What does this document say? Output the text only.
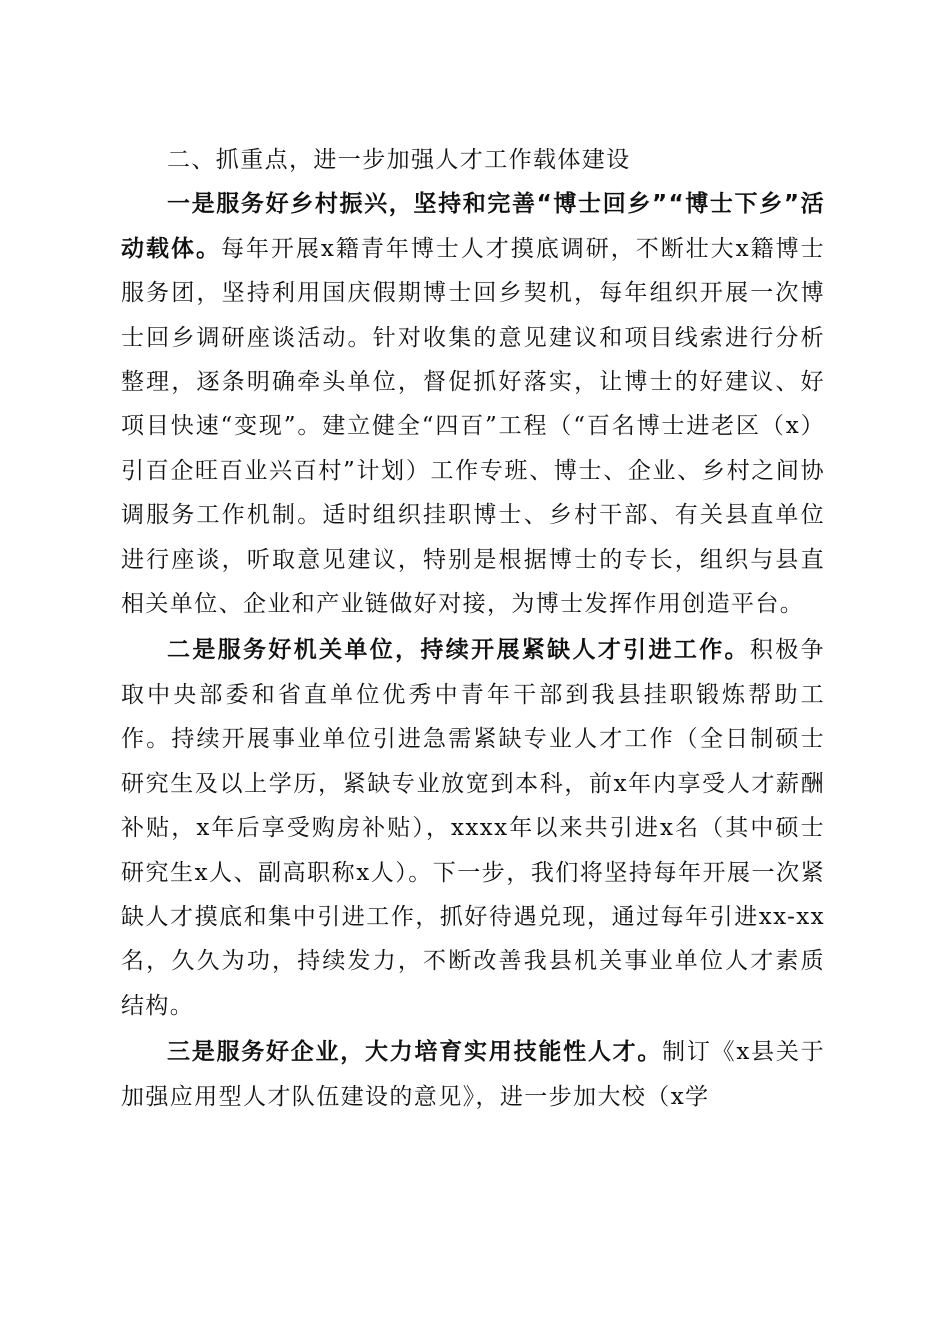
二、抓重点，进一步加强人才工作载体建设

一是服务好乡村振兴，坚持和完善“博士回乡”“博士下乡”活动载体。每年开展x籍青年博士人才摸底调研，不断壮大x籍博士服务团，坚持利用国庆假期博士回乡契机，每年组织开展一次博士回乡调研座谈活动。针对收集的意见建议和项目线索进行分析整理，逐条明确牵头单位，督促抓好落实，让博士的好建议、好项目快速“变现”。建立健全“四百”工程（“百名博士进老区（x）引百企旺百业兴百村”计划）工作专班、博士、企业、乡村之间协调服务工作机制。适时组织挂职博士、乡村干部、有关县直单位进行座谈，听取意见建议，特别是根据博士的专长，组织与县直相关单位、企业和产业链做好对接，为博士发挥作用创造平台。

二是服务好机关单位，持续开展紧缺人才引进工作。积极争取中央部委和省直单位优秀中青年干部到我县挂职锻炼帮助工作。持续开展事业单位引进急需紧缺专业人才工作（全日制硕士研究生及以上学历，紧缺专业放宽到本科，前x年内享受人才薪酬补贴，x年后享受购房补贴），xxxx年以来共引进x名（其中硕士研究生x人、副高职称x人）。下一步，我们将坚持每年开展一次紧缺人才摸底和集中引进工作，抓好待遇兑现，通过每年引进xx-xx名，久久为功，持续发力，不断改善我县机关事业单位人才素质结构。

三是服务好企业，大力培育实用技能性人才。制订《x县关于加强应用型人才队伍建设的意见》，进一步加大校（x学
